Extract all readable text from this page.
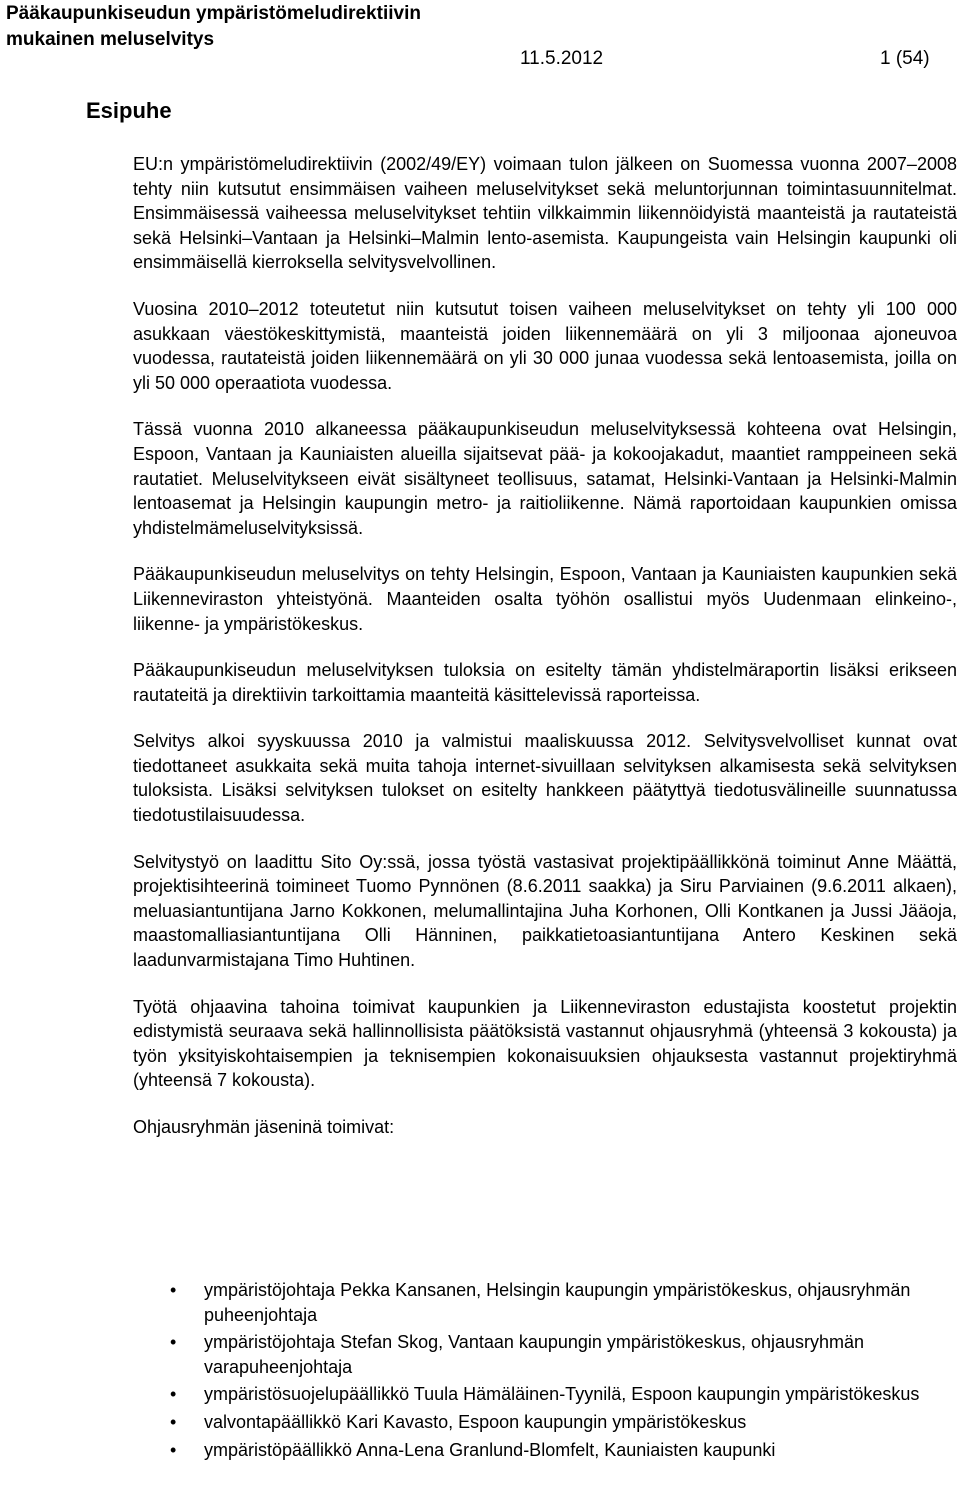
Pääkaupunkiseudun ympäristömeludirektiivin
mukainen meluselvitys
11.5.2012	1 (54)
Esipuhe

EU:n ympäristömeludirektiivin (2002/49/EY) voimaan tulon jälkeen on Suomessa vuonna 2007–2008 tehty niin kutsutut ensimmäisen vaiheen meluselvitykset sekä meluntorjunnan toimintasuunnitelmat. Ensimmäisessä vaiheessa meluselvitykset tehtiin vilkkaimmin liikennöidyistä maanteistä ja rautateistä sekä Helsinki–Vantaan ja Helsinki–Malmin lento-asemista. Kaupungeista vain Helsingin kaupunki oli ensimmäisellä kierroksella selvitysvelvollinen.

Vuosina 2010–2012 toteutetut niin kutsutut toisen vaiheen meluselvitykset on tehty yli 100 000 asukkaan väestökeskittymistä, maanteistä joiden liikennemäärä on yli 3 miljoonaa ajoneuvoa vuodessa, rautateistä joiden liikennemäärä on yli 30 000 junaa vuodessa sekä lentoasemista, joilla on yli 50 000 operaatiota vuodessa.

Tässä vuonna 2010 alkaneessa pääkaupunkiseudun meluselvityksessä kohteena ovat Helsingin, Espoon, Vantaan ja Kauniaisten alueilla sijaitsevat pää- ja kokoojakadut, maantiet ramppeineen sekä rautatiet. Meluselvitykseen eivät sisältyneet teollisuus, satamat, Helsinki-Vantaan ja Helsinki-Malmin lentoasemat ja Helsingin kaupungin metro- ja raitioliikenne. Nämä raportoidaan kaupunkien omissa yhdistelmämeluselvityksissä.

Pääkaupunkiseudun meluselvitys on tehty Helsingin, Espoon, Vantaan ja Kauniaisten kaupunkien sekä Liikenneviraston yhteistyönä. Maanteiden osalta työhön osallistui myös Uudenmaan elinkeino-, liikenne- ja ympäristökeskus.

Pääkaupunkiseudun meluselvityksen tuloksia on esitelty tämän yhdistelmäraportin lisäksi erikseen rautateitä ja direktiivin tarkoittamia maanteitä käsittelevissä raporteissa.

Selvitys alkoi syyskuussa 2010 ja valmistui maaliskuussa 2012. Selvitysvelvolliset kunnat ovat tiedottaneet asukkaita sekä muita tahoja internet-sivuillaan selvityksen alkamisesta sekä selvityksen tuloksista. Lisäksi selvityksen tulokset on esitelty hankkeen päätyttyä tiedotusvälineille suunnatussa tiedotustilaisuudessa.

Selvitystyö on laadittu Sito Oy:ssä, jossa työstä vastasivat projektipäällikkönä toiminut Anne Määttä, projektisihteerinä toimineet Tuomo Pynnönen (8.6.2011 saakka) ja Siru Parviainen (9.6.2011 alkaen), meluasiantuntijana Jarno Kokkonen, melumallintajina Juha Korhonen, Olli Kontkanen ja Jussi Jääoja, maastomalliasiantuntijana Olli Hänninen, paikkatietoasiantuntijana Antero Keskinen sekä laadunvarmistajana Timo Huhtinen.

Työtä ohjaavina tahoina toimivat kaupunkien ja Liikenneviraston edustajista koostetut projektin edistymistä seuraava sekä hallinnollisista päätöksistä vastannut ohjausryhmä (yhteensä 3 kokousta) ja työn yksityiskohtaisempien ja teknisempien kokonaisuuksien ohjauksesta vastannut projektiryhmä (yhteensä 7 kokousta).

Ohjausryhmän jäseninä toimivat:

• ympäristöjohtaja Pekka Kansanen, Helsingin kaupungin ympäristökeskus, ohjausryhmän puheenjohtaja
• ympäristöjohtaja Stefan Skog, Vantaan kaupungin ympäristökeskus, ohjausryhmän varapuheenjohtaja
• ympäristösuojelupäällikkö Tuula Hämäläinen-Tyynilä, Espoon kaupungin ympäristökeskus
• valvontapäällikkö Kari Kavasto, Espoon kaupungin ympäristökeskus
• ympäristöpäällikkö Anna-Lena Granlund-Blomfelt, Kauniaisten kaupunki
